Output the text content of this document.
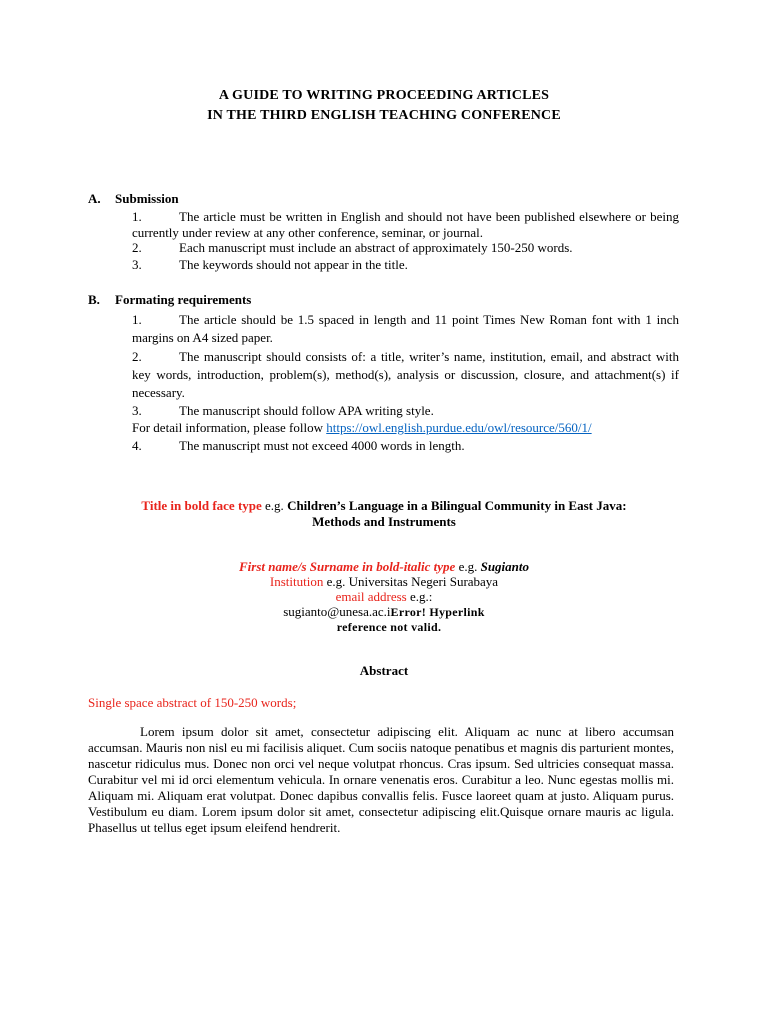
A GUIDE TO WRITING PROCEEDING ARTICLES
IN THE THIRD ENGLISH TEACHING CONFERENCE
A. Submission
1.	The article must be written in English and should not have been published elsewhere or being currently under review at any other conference, seminar, or journal.
2.	Each manuscript must include an abstract of approximately 150-250 words.
3.	The keywords should not appear in the title.
B. Formating requirements
1.	The article should be 1.5 spaced in length and 11 point Times New Roman font with 1 inch margins on A4 sized paper.
2.	The manuscript should consists of: a title, writer’s name, institution, email, and abstract with key words, introduction, problem(s), method(s), analysis or discussion, closure, and attachment(s) if necessary.
3.	The manuscript should follow APA writing style.
For detail information, please follow https://owl.english.purdue.edu/owl/resource/560/1/
4.	The manuscript must not exceed 4000 words in length.
Title in bold face type e.g. Children’s Language in a Bilingual Community in East Java:
Methods and Instruments
First name/s Surname in bold-italic type e.g. Sugianto
Institution e.g. Universitas Negeri Surabaya
email address e.g.:
sugianto@unesa.ac.iError! Hyperlink
reference not valid.
Abstract
Single space abstract of 150-250 words;
Lorem ipsum dolor sit amet, consectetur adipiscing elit. Aliquam ac nunc at libero accumsan accumsan. Mauris non nisl eu mi facilisis aliquet. Cum sociis natoque penatibus et magnis dis parturient montes, nascetur ridiculus mus. Donec non orci vel neque volutpat rhoncus. Cras ipsum. Sed ultricies consequat massa. Curabitur vel mi id orci elementum vehicula. In ornare venenatis eros. Curabitur a leo. Nunc egestas mollis mi. Aliquam mi. Aliquam erat volutpat. Donec dapibus convallis felis. Fusce laoreet quam at justo. Aliquam purus. Vestibulum eu diam. Lorem ipsum dolor sit amet, consectetur adipiscing elit.Quisque ornare mauris ac ligula. Phasellus ut tellus eget ipsum eleifend hendrerit.
